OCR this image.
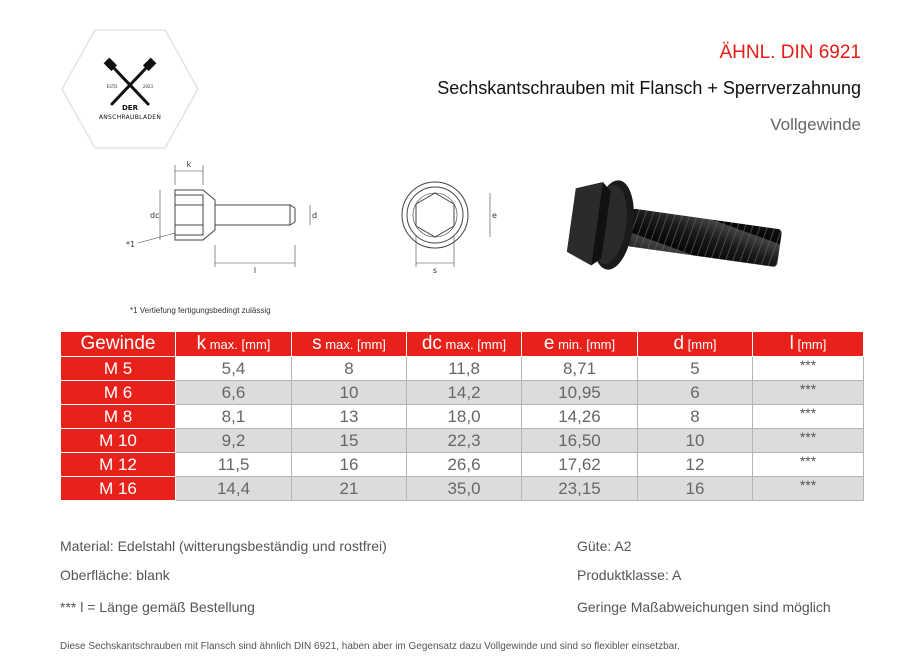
ESTD	2023
DER
ANSCHRAUBLADEN
ÄHNL. DIN 6921
Sechskantschrauben mit Flansch + Sperrverzahnung
Vollgewinde
k
dc	d
l
*1
e
s
*1 Vertiefung fertigungsbedingt zulässig
Gewinde	k max. [mm]	s max. [mm]	dc max. [mm]	e min. [mm]	d [mm]	l [mm]
M 5	5,4	8	11,8	8,71	5	***
M 6	6,6	10	14,2	10,95	6	***
M 8	8,1	13	18,0	14,26	8	***
M 10	9,2	15	22,3	16,50	10	***
M 12	11,5	16	26,6	17,62	12	***
M 16	14,4	21	35,0	23,15	16	***
Material: Edelstahl (witterungsbeständig und rostfrei)
Oberfläche: blank
*** l = Länge gemäß Bestellung
Güte: A2
Produktklasse: A
Geringe Maßabweichungen sind möglich
Diese Sechskantschrauben mit Flansch sind ähnlich DIN 6921, haben aber im Gegensatz dazu Vollgewinde und sind so flexibler einsetzbar.
